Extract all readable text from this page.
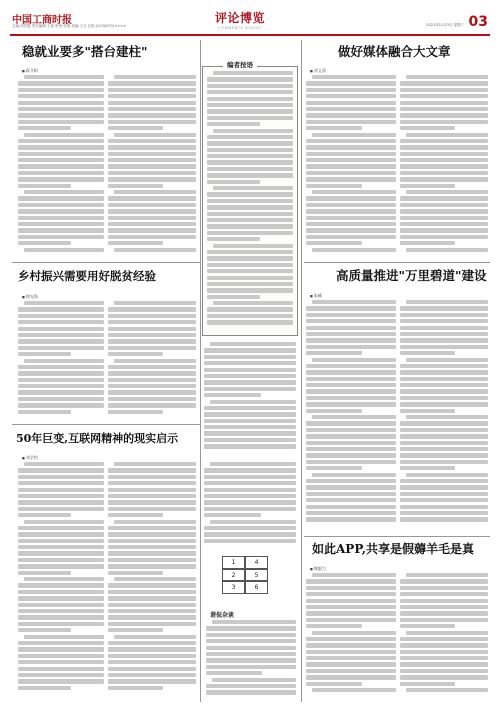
中国工商时报
主编:刘芳霞 责任编辑:王欢 审校:张明 美编:王月 总机:(023)6372××××
评论博览
COMMENTS DIGEST
2021年11月3日 星期三 03
稳就业要多"搭台建柱"
■ 蒋开帜
乡村振兴需要用好脱贫经验
■ 徐光锋
50年巨变,互联网精神的现实启示
■ 刘学钧
编者按语
1	4
2	5
3	6
谐侃杂谈
做好媒体融合大文章
■ 刘义清
高质量推进"万里碧道"建设
■ 朱峰
如此APP,共享是假薅羊毛是真
■ 熊毅力
